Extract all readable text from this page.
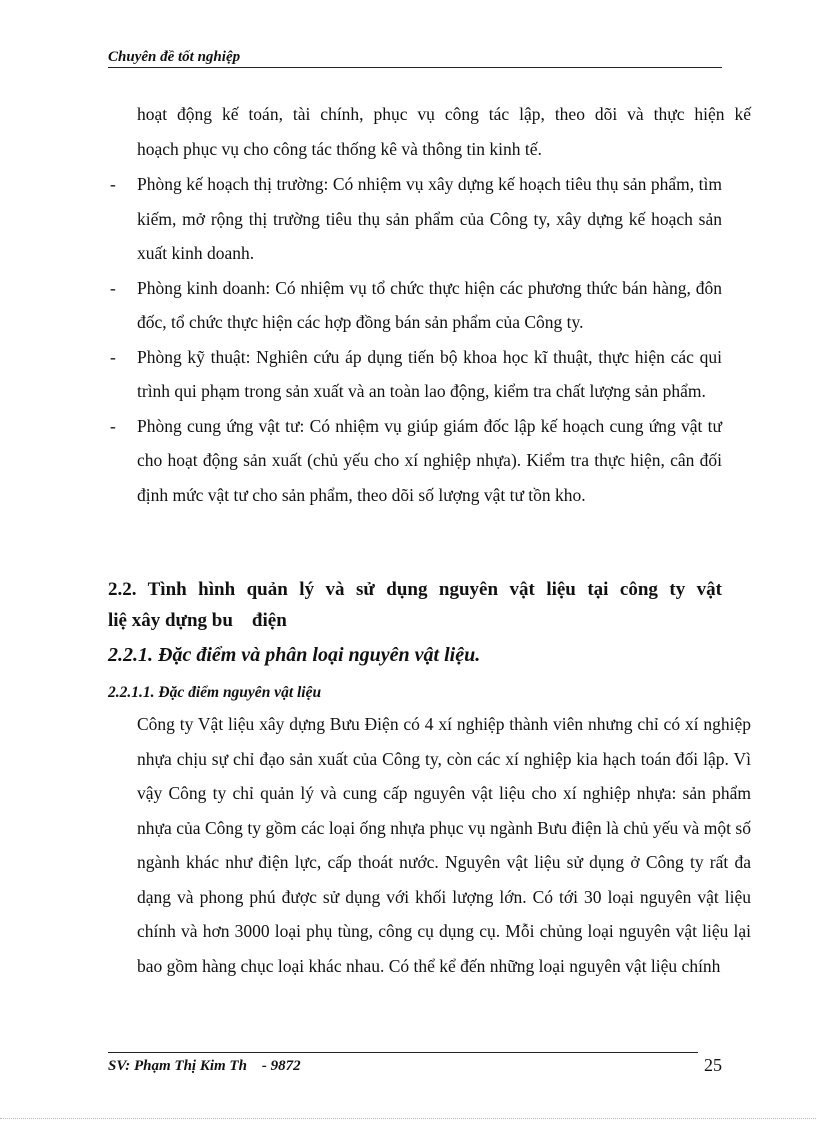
Chuyên đề tốt nghiệp

hoạt động kế toán, tài chính, phục vụ công tác lập, theo dõi và thực hiện kế

hoạch phục vụ cho công tác thống kê và thông tin kinh tế.

- Phòng kế hoạch thị trường: Có nhiệm vụ xây dựng kế hoạch tiêu thụ sản phẩm, tìm kiếm, mở rộng thị trường tiêu thụ sản phẩm của Công ty, xây dựng kế hoạch sản xuất kinh doanh.

- Phòng kinh doanh: Có nhiệm vụ tổ chức thực hiện các phương thức bán hàng, đôn đốc, tổ chức thực hiện các hợp đồng bán sản phẩm của Công ty.

- Phòng kỹ thuật: Nghiên cứu áp dụng tiến bộ khoa học kĩ thuật, thực hiện các qui trình qui phạm trong sản xuất và an toàn lao động, kiểm tra chất lượng sản phẩm.

- Phòng cung ứng vật tư: Có nhiệm vụ giúp giám đốc lập kế hoạch cung ứng vật tư cho hoạt động sản xuất (chủ yếu cho xí nghiệp nhựa). Kiểm tra thực hiện, cân đối định mức vật tư cho sản phẩm, theo dõi số lượng vật tư tồn kho.

2.2. Tình hình quản lý và sử dụng nguyên vật liệu tại công ty vật
liệ xây dựng bu    điện
2.2.1. Đặc điểm và phân loại nguyên vật liệu.
2.2.1.1. Đặc điểm nguyên vật liệu

Công ty Vật liệu xây dựng Bưu Điện có 4 xí nghiệp thành viên nhưng chỉ có xí nghiệp nhựa chịu sự chỉ đạo sản xuất của Công ty, còn các xí nghiệp kia hạch toán đối lập. Vì vậy Công ty chỉ quản lý và cung cấp nguyên vật liệu cho xí nghiệp nhựa: sản phẩm nhựa của Công ty gồm các loại ống nhựa phục vụ ngành Bưu điện là chủ yếu và một số ngành khác như điện lực, cấp thoát nước. Nguyên vật liệu sử dụng ở Công ty rất đa dạng và phong phú được sử dụng với khối lượng lớn. Có tới 30 loại nguyên vật liệu chính và hơn 3000 loại phụ tùng, công cụ dụng cụ. Mỗi chủng loại nguyên vật liệu lại bao gồm hàng chục loại khác nhau. Có thể kể đến những loại nguyên vật liệu chính

SV: Phạm Thị Kim Th    - 9872	25
